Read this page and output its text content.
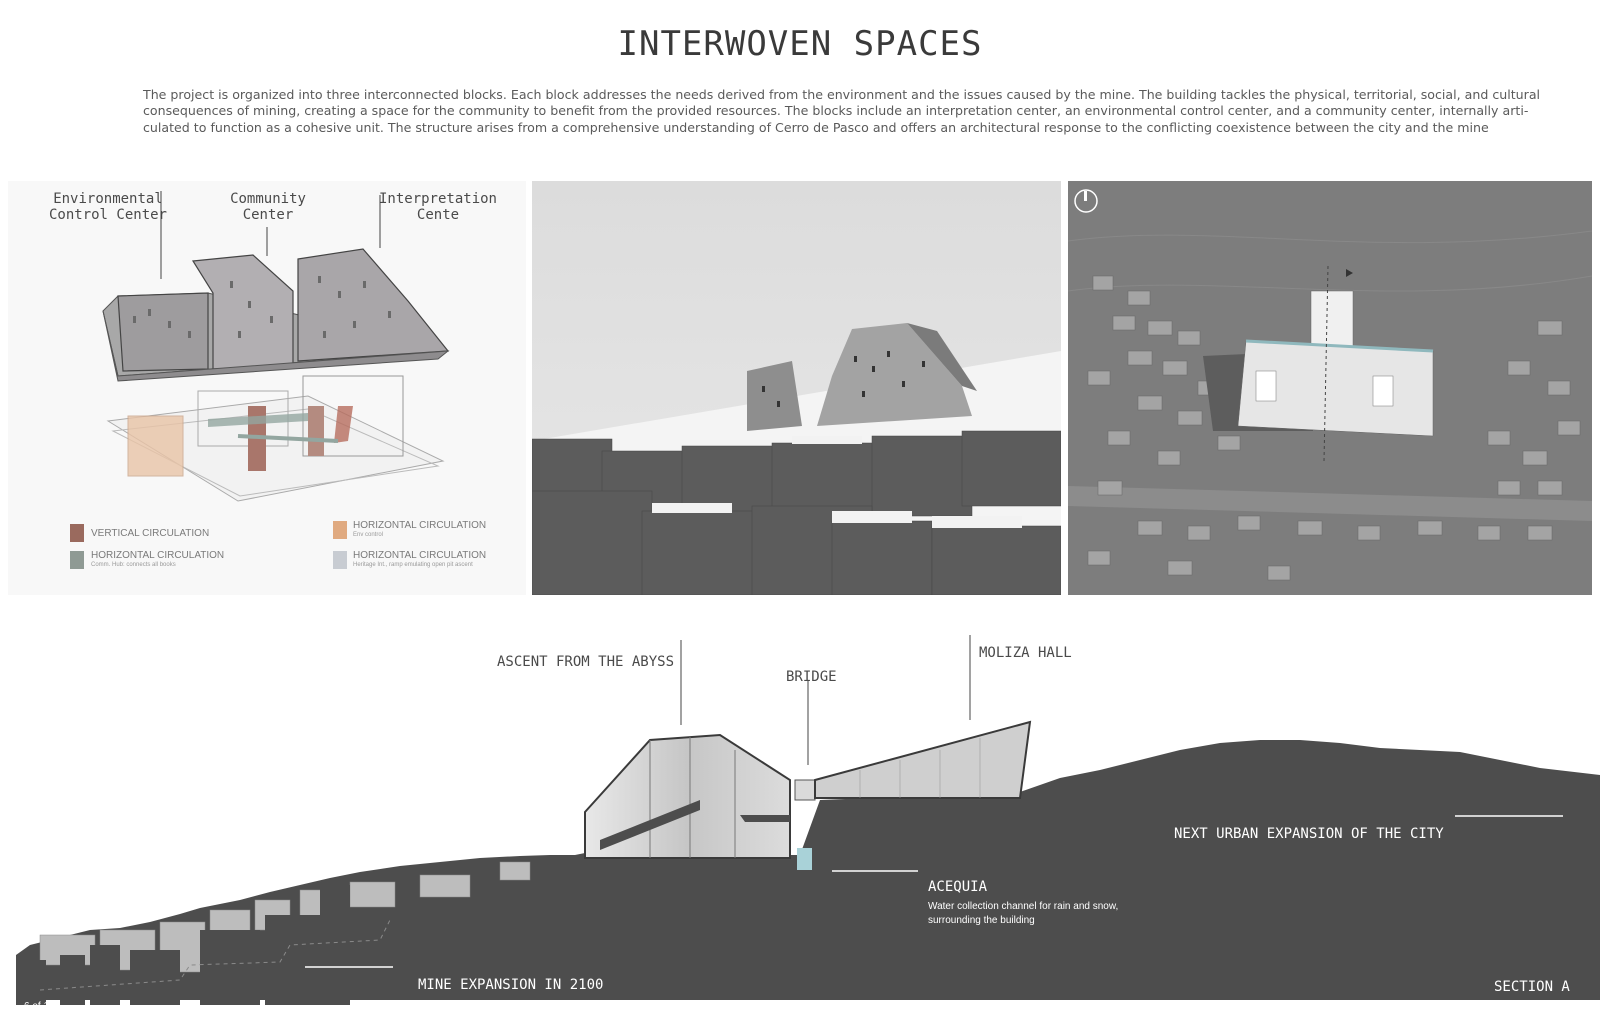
INTERWOVEN SPACES

The project is organized into three interconnected blocks. Each block addresses the needs derived from the environment and the issues caused by the mine. The building tackles the physical, territorial, social, and cultural

consequences of mining, creating a space for the community to benefit from the provided resources. The blocks include an interpretation center, an environmental control center, and a community center, internally arti-

culated to function as a cohesive unit. The structure arises from a comprehensive understanding of Cerro de Pasco and offers an architectural response to the conflicting coexistence between the city and the mine

Environmental
Control Center
Community
Center
Interpretation
Cente
VERTICAL CIRCULATION
HORIZONTAL CIRCULATION
Comm. Hub: connects all books
HORIZONTAL CIRCULATION
Env control
HORIZONTAL CIRCULATION
Heritage Int., ramp emulating open pit ascent
ASCENT FROM THE ABYSS
BRIDGE
MOLIZA HALL
NEXT URBAN EXPANSION OF THE CITY
ACEQUIA
Water collection channel for rain and snow,
surrounding the building
MINE EXPANSION IN 2100	SECTION A
6 of 10
